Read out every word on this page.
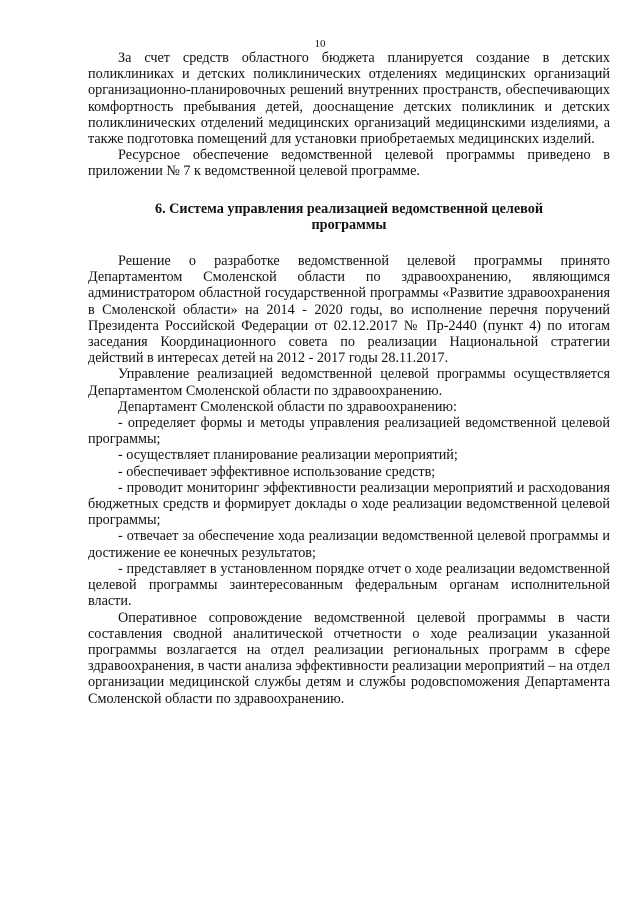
10

За счет средств областного бюджета планируется создание в детских поликлиниках и детских поликлинических отделениях медицинских организаций организационно-планировочных решений внутренних пространств, обеспечивающих комфортность пребывания детей, дооснащение детских поликлиник и детских поликлинических отделений медицинских организаций медицинскими изделиями, а также подготовка помещений для установки приобретаемых медицинских изделий.

Ресурсное обеспечение ведомственной целевой программы приведено в приложении № 7 к ведомственной целевой программе.

6. Система управления реализацией ведомственной целевой программы

Решение о разработке ведомственной целевой программы принято Департаментом Смоленской области по здравоохранению, являющимся администратором областной государственной программы «Развитие здравоохранения в Смоленской области» на 2014 - 2020 годы, во исполнение перечня поручений Президента Российской Федерации от 02.12.2017 № Пр-2440 (пункт 4) по итогам заседания Координационного совета по реализации Национальной стратегии действий в интересах детей на 2012 - 2017 годы 28.11.2017.

Управление реализацией ведомственной целевой программы осуществляется Департаментом Смоленской области по здравоохранению.

Департамент Смоленской области по здравоохранению:

- определяет формы и методы управления реализацией ведомственной целевой программы;

- осуществляет планирование реализации мероприятий;

- обеспечивает эффективное использование средств;

- проводит мониторинг эффективности реализации мероприятий и расходования бюджетных средств и формирует доклады о ходе реализации ведомственной целевой программы;

- отвечает за обеспечение хода реализации ведомственной целевой программы и достижение ее конечных результатов;

- представляет в установленном порядке отчет о ходе реализации ведомственной целевой программы заинтересованным федеральным органам исполнительной власти.

Оперативное сопровождение ведомственной целевой программы в части составления сводной аналитической отчетности о ходе реализации указанной программы возлагается на отдел реализации региональных программ в сфере здравоохранения, в части анализа эффективности реализации мероприятий – на отдел организации медицинской службы детям и службы родовспоможения Департамента Смоленской области по здравоохранению.
